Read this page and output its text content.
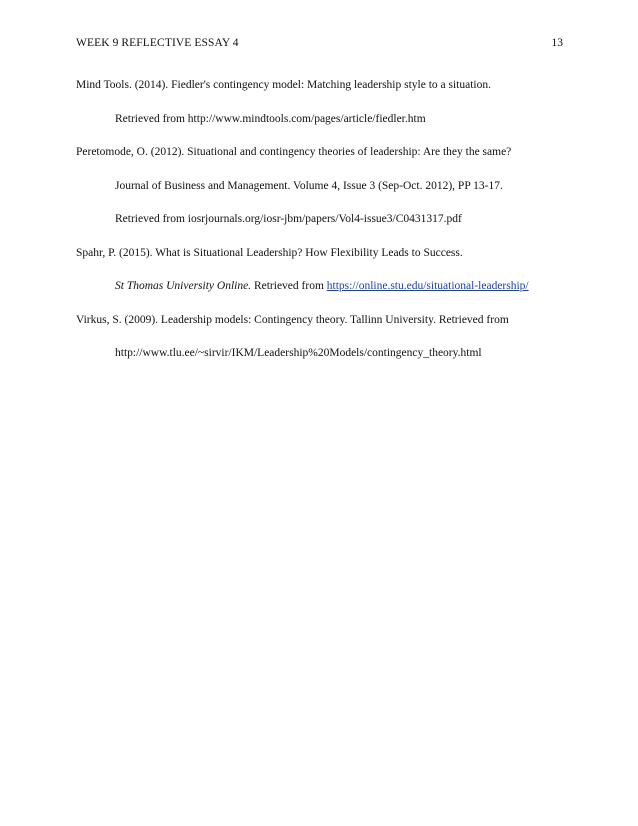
WEEK 9 REFLECTIVE ESSAY 4	13

Mind Tools. (2014). Fiedler's contingency model: Matching leadership style to a situation.
Retrieved from http://www.mindtools.com/pages/article/fiedler.htm

Peretomode, O. (2012). Situational and contingency theories of leadership: Are they the same?
Journal of Business and Management. Volume 4, Issue 3 (Sep-Oct. 2012), PP 13-17.
Retrieved from iosrjournals.org/iosr-jbm/papers/Vol4-issue3/C0431317.pdf

Spahr, P. (2015). What is Situational Leadership? How Flexibility Leads to Success.
St Thomas University Online. Retrieved from https://online.stu.edu/situational-leadership/

Virkus, S. (2009). Leadership models: Contingency theory. Tallinn University. Retrieved from
http://www.tlu.ee/~sirvir/IKM/Leadership%20Models/contingency_theory.html
